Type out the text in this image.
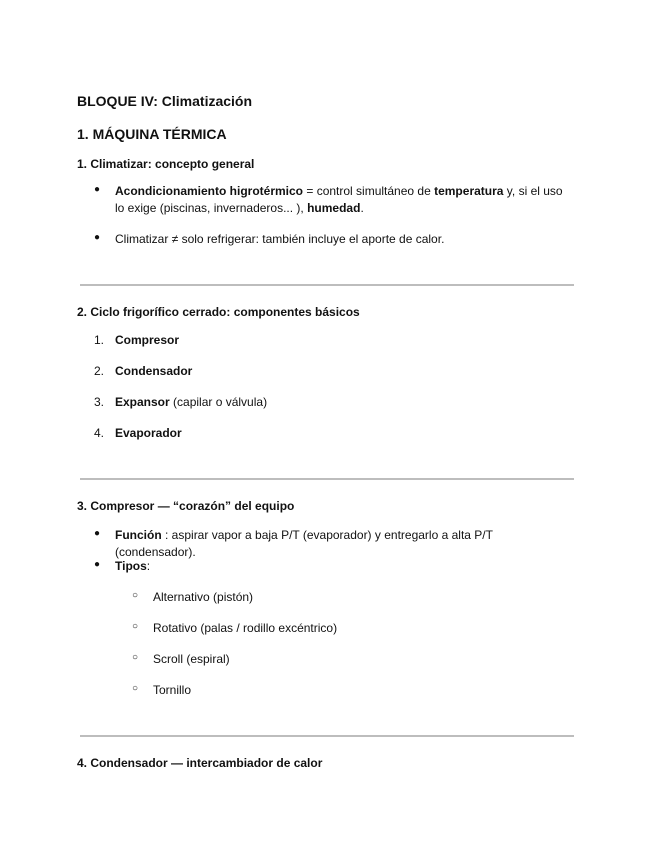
BLOQUE IV: Climatización
1. MÁQUINA TÉRMICA
1. Climatizar: concepto general
● Acondicionamiento higrotérmico = control simultáneo de temperatura y, si el uso lo exige (piscinas, invernaderos... ), humedad.
● Climatizar ≠ solo refrigerar: también incluye el aporte de calor.
2. Ciclo frigorífico cerrado: componentes básicos
1. Compresor
2. Condensador
3. Expansor (capilar o válvula)
4. Evaporador
3. Compresor — “corazón” del equipo
● Función : aspirar vapor a baja P/T (evaporador) y entregarlo a alta P/T (condensador).
● Tipos:
○ Alternativo (pistón)
○ Rotativo (palas / rodillo excéntrico)
○ Scroll (espiral)
○ Tornillo
4. Condensador — intercambiador de calor
